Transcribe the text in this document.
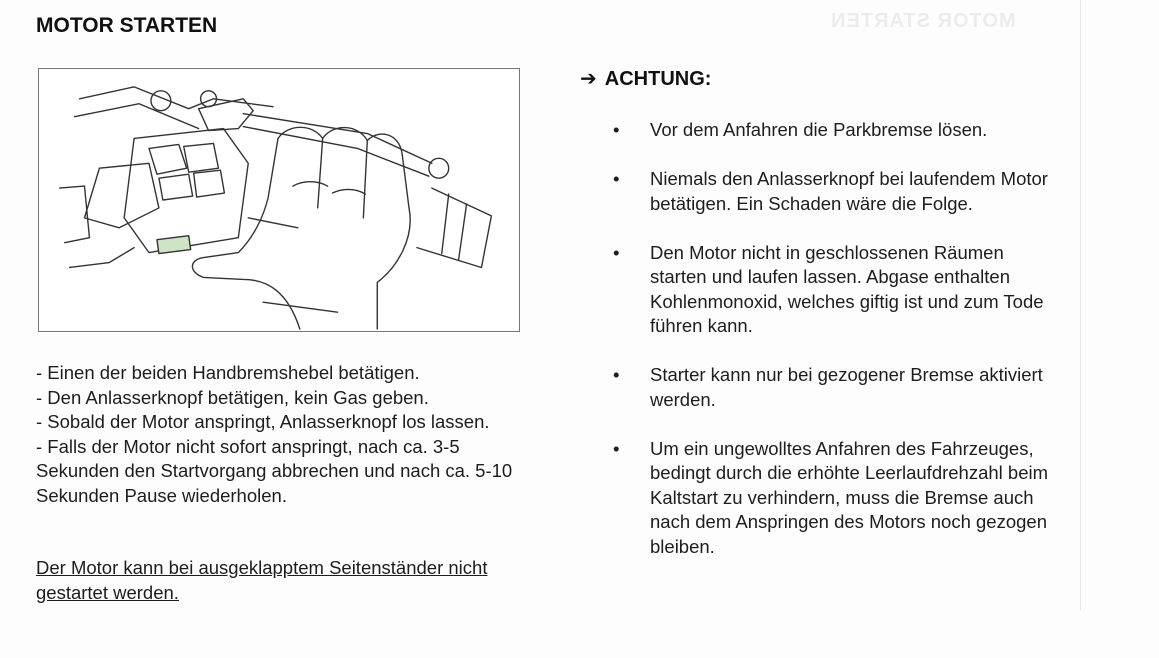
MOTOR STARTEN
MOTOR STARTEN

- Einen der beiden Handbremshebel betätigen.

- Den Anlasserknopf betätigen, kein Gas geben.

- Sobald der Motor anspringt, Anlasserknopf los lassen.

- Falls der Motor nicht sofort anspringt, nach ca. 3-5 Sekunden den Startvorgang abbrechen und nach ca. 5-10 Sekunden Pause wiederholen.

Der Motor kann bei ausgeklapptem Seitenständer nicht gestartet werden.
➔ ACHTUNG:
• Vor dem Anfahren die Parkbremse lösen.
• Niemals den Anlasserknopf bei laufendem Motor betätigen. Ein Schaden wäre die Folge.
• Den Motor nicht in geschlossenen Räumen starten und laufen lassen. Abgase enthalten Kohlenmonoxid, welches giftig ist und zum Tode führen kann.
• Starter kann nur bei gezogener Bremse aktiviert werden.
• Um ein ungewolltes Anfahren des Fahrzeuges, bedingt durch die erhöhte Leerlaufdrehzahl beim Kaltstart zu verhindern, muss die Bremse auch nach dem Anspringen des Motors noch gezogen bleiben.
